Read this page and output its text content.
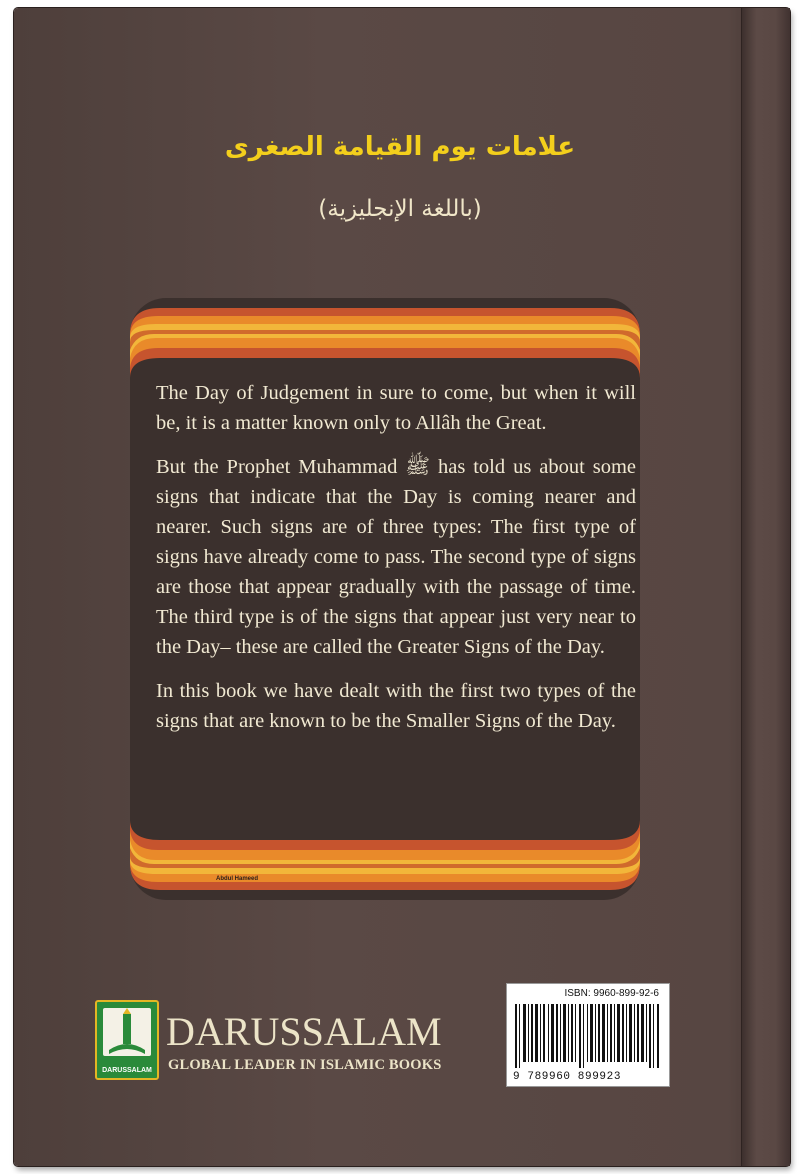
علامات يوم القيامة الصغرى
(باللغة الإنجليزية)

The Day of Judgement in sure to come, but when it will be, it is a matter known only to Allâh the Great.

But the Prophet Muhammad ﷺ has told us about some signs that indicate that the Day is coming nearer and nearer. Such signs are of three types: The first type of signs have already come to pass. The second type of signs are those that appear gradually with the passage of time. The third type is of the signs that appear just very near to the Day– these are called the Greater Signs of the Day.

In this book we have dealt with the first two types of the signs that are known to be the Smaller Signs of the Day.

Abdul Hameed
DARUSSALAM
DARUSSALAM
GLOBAL LEADER IN ISLAMIC BOOKS
ISBN: 9960-899-92-6
9 789960 899923
